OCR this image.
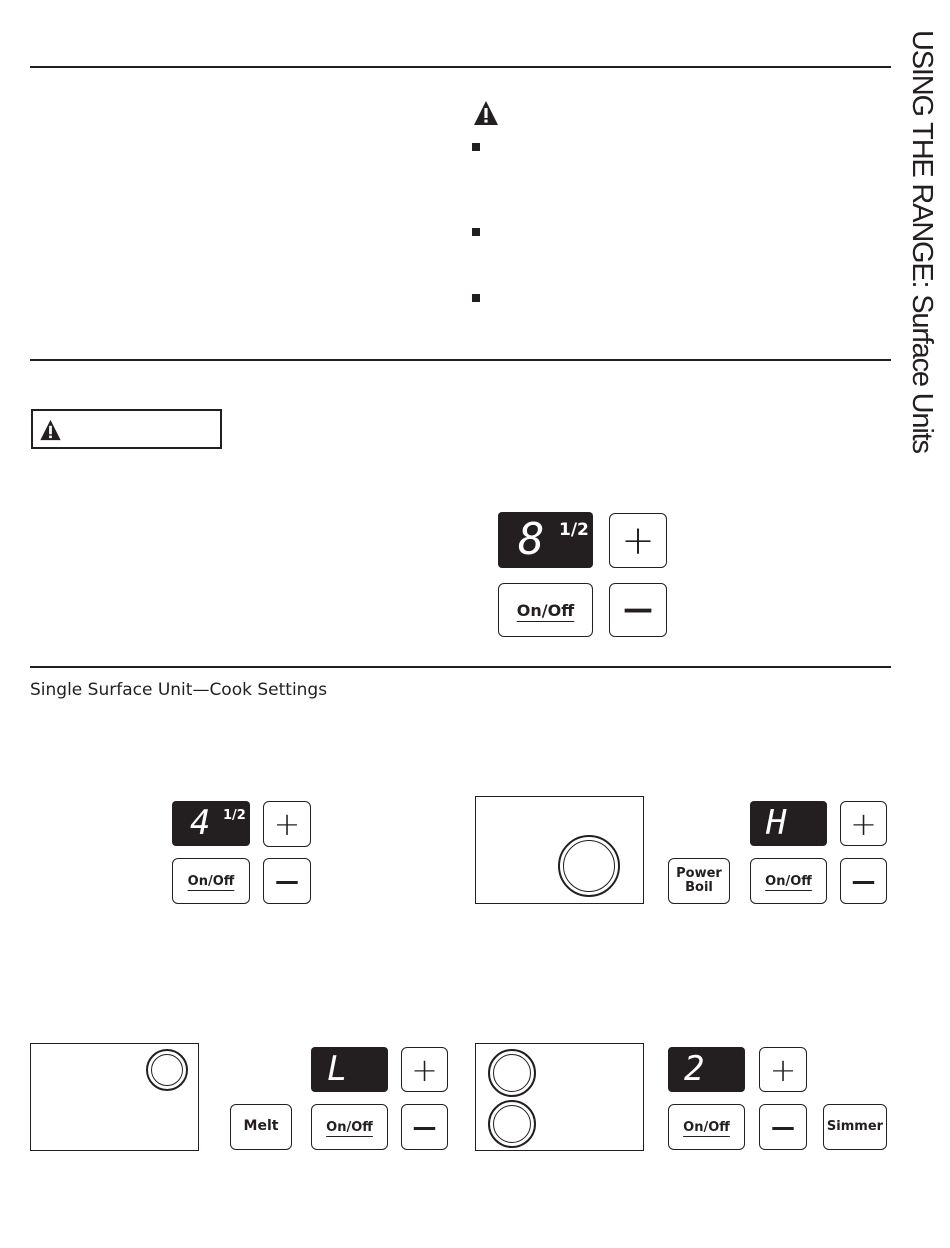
USING THE RANGE: Surface Units
8 1/2 +
On/Off —
Single Surface Unit—Cook Settings
4 1/2 +
On/Off —	Power
Boil
H +
On/Off —
Melt
L +
On/Off —
2 +
On/Off — Simmer
